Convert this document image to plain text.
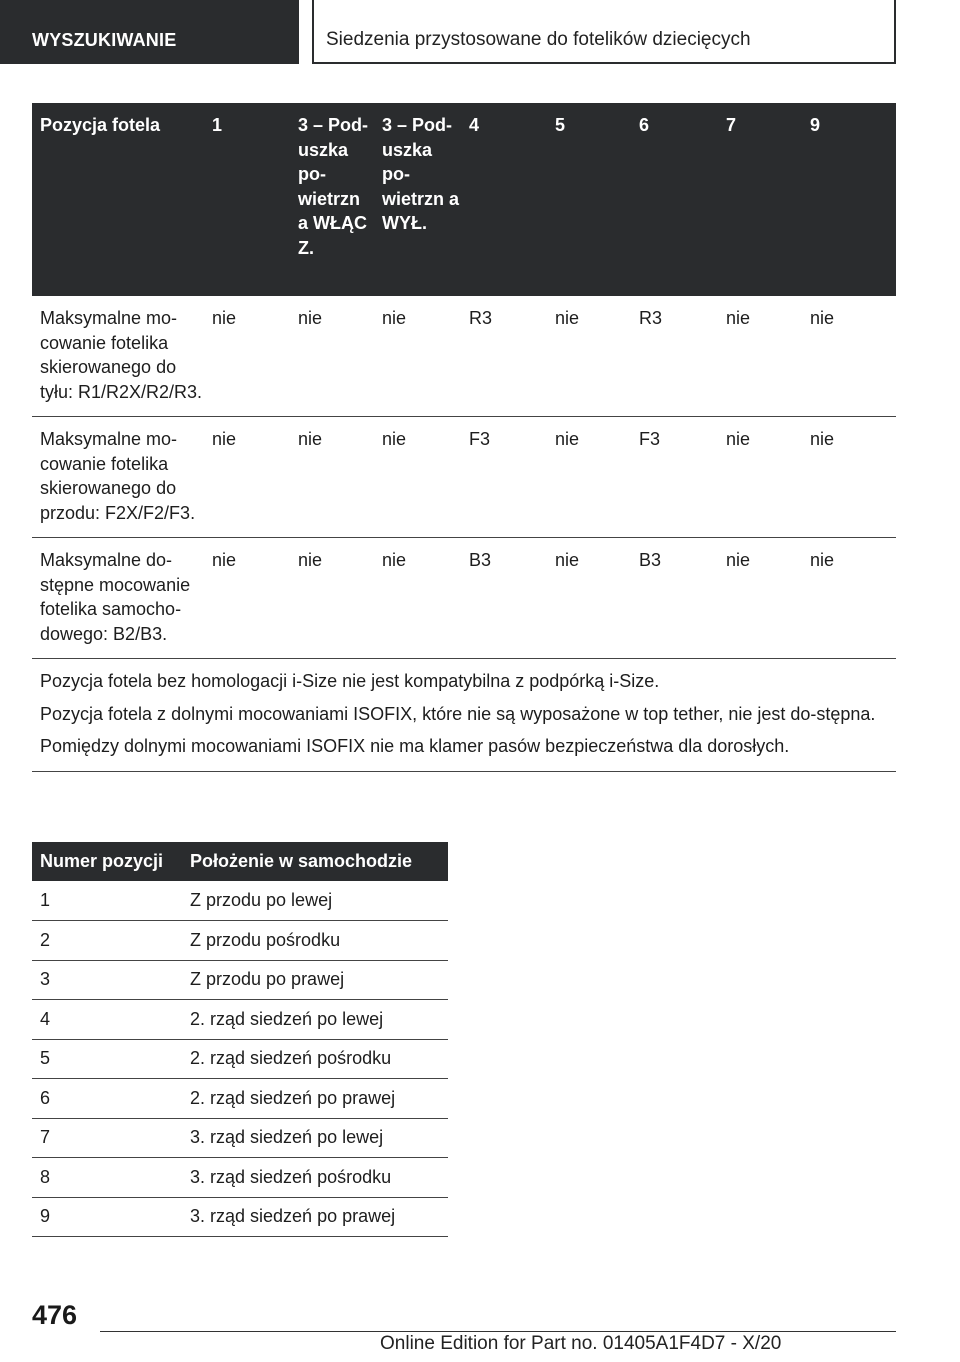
WYSZUKIWANIE	Siedzenia przystosowane do fotelików dziecięcych
Pozycja fotela	1	3 – Pod-uszka po-wietrzn a WŁĄC Z.	3 – Pod-uszka po-wietrzn a WYŁ.	4	5	6	7	9
Maksymalne mo-cowanie fotelika skierowanego do tyłu: R1/R2X/R2/R3.	nie	nie	nie	R3	nie	R3	nie	nie
Maksymalne mo-cowanie fotelika skierowanego do przodu: F2X/F2/F3.	nie	nie	nie	F3	nie	F3	nie	nie
Maksymalne do-stępne mocowanie fotelika samocho-dowego: B2/B3.	nie	nie	nie	B3	nie	B3	nie	nie

Pozycja fotela bez homologacji i-Size nie jest kompatybilna z podpórką i-Size.

Pozycja fotela z dolnymi mocowaniami ISOFIX, które nie są wyposażone w top tether, nie jest do-stępna.

Pomiędzy dolnymi mocowaniami ISOFIX nie ma klamer pasów bezpieczeństwa dla dorosłych.								

Numer pozycji	Położenie w samochodzie
1	Z przodu po lewej
2	Z przodu pośrodku
3	Z przodu po prawej
4	2. rząd siedzeń po lewej
5	2. rząd siedzeń pośrodku
6	2. rząd siedzeń po prawej
7	3. rząd siedzeń po lewej
8	3. rząd siedzeń pośrodku
9	3. rząd siedzeń po prawej
476
Online Edition for Part no. 01405A1F4D7 - X/20
